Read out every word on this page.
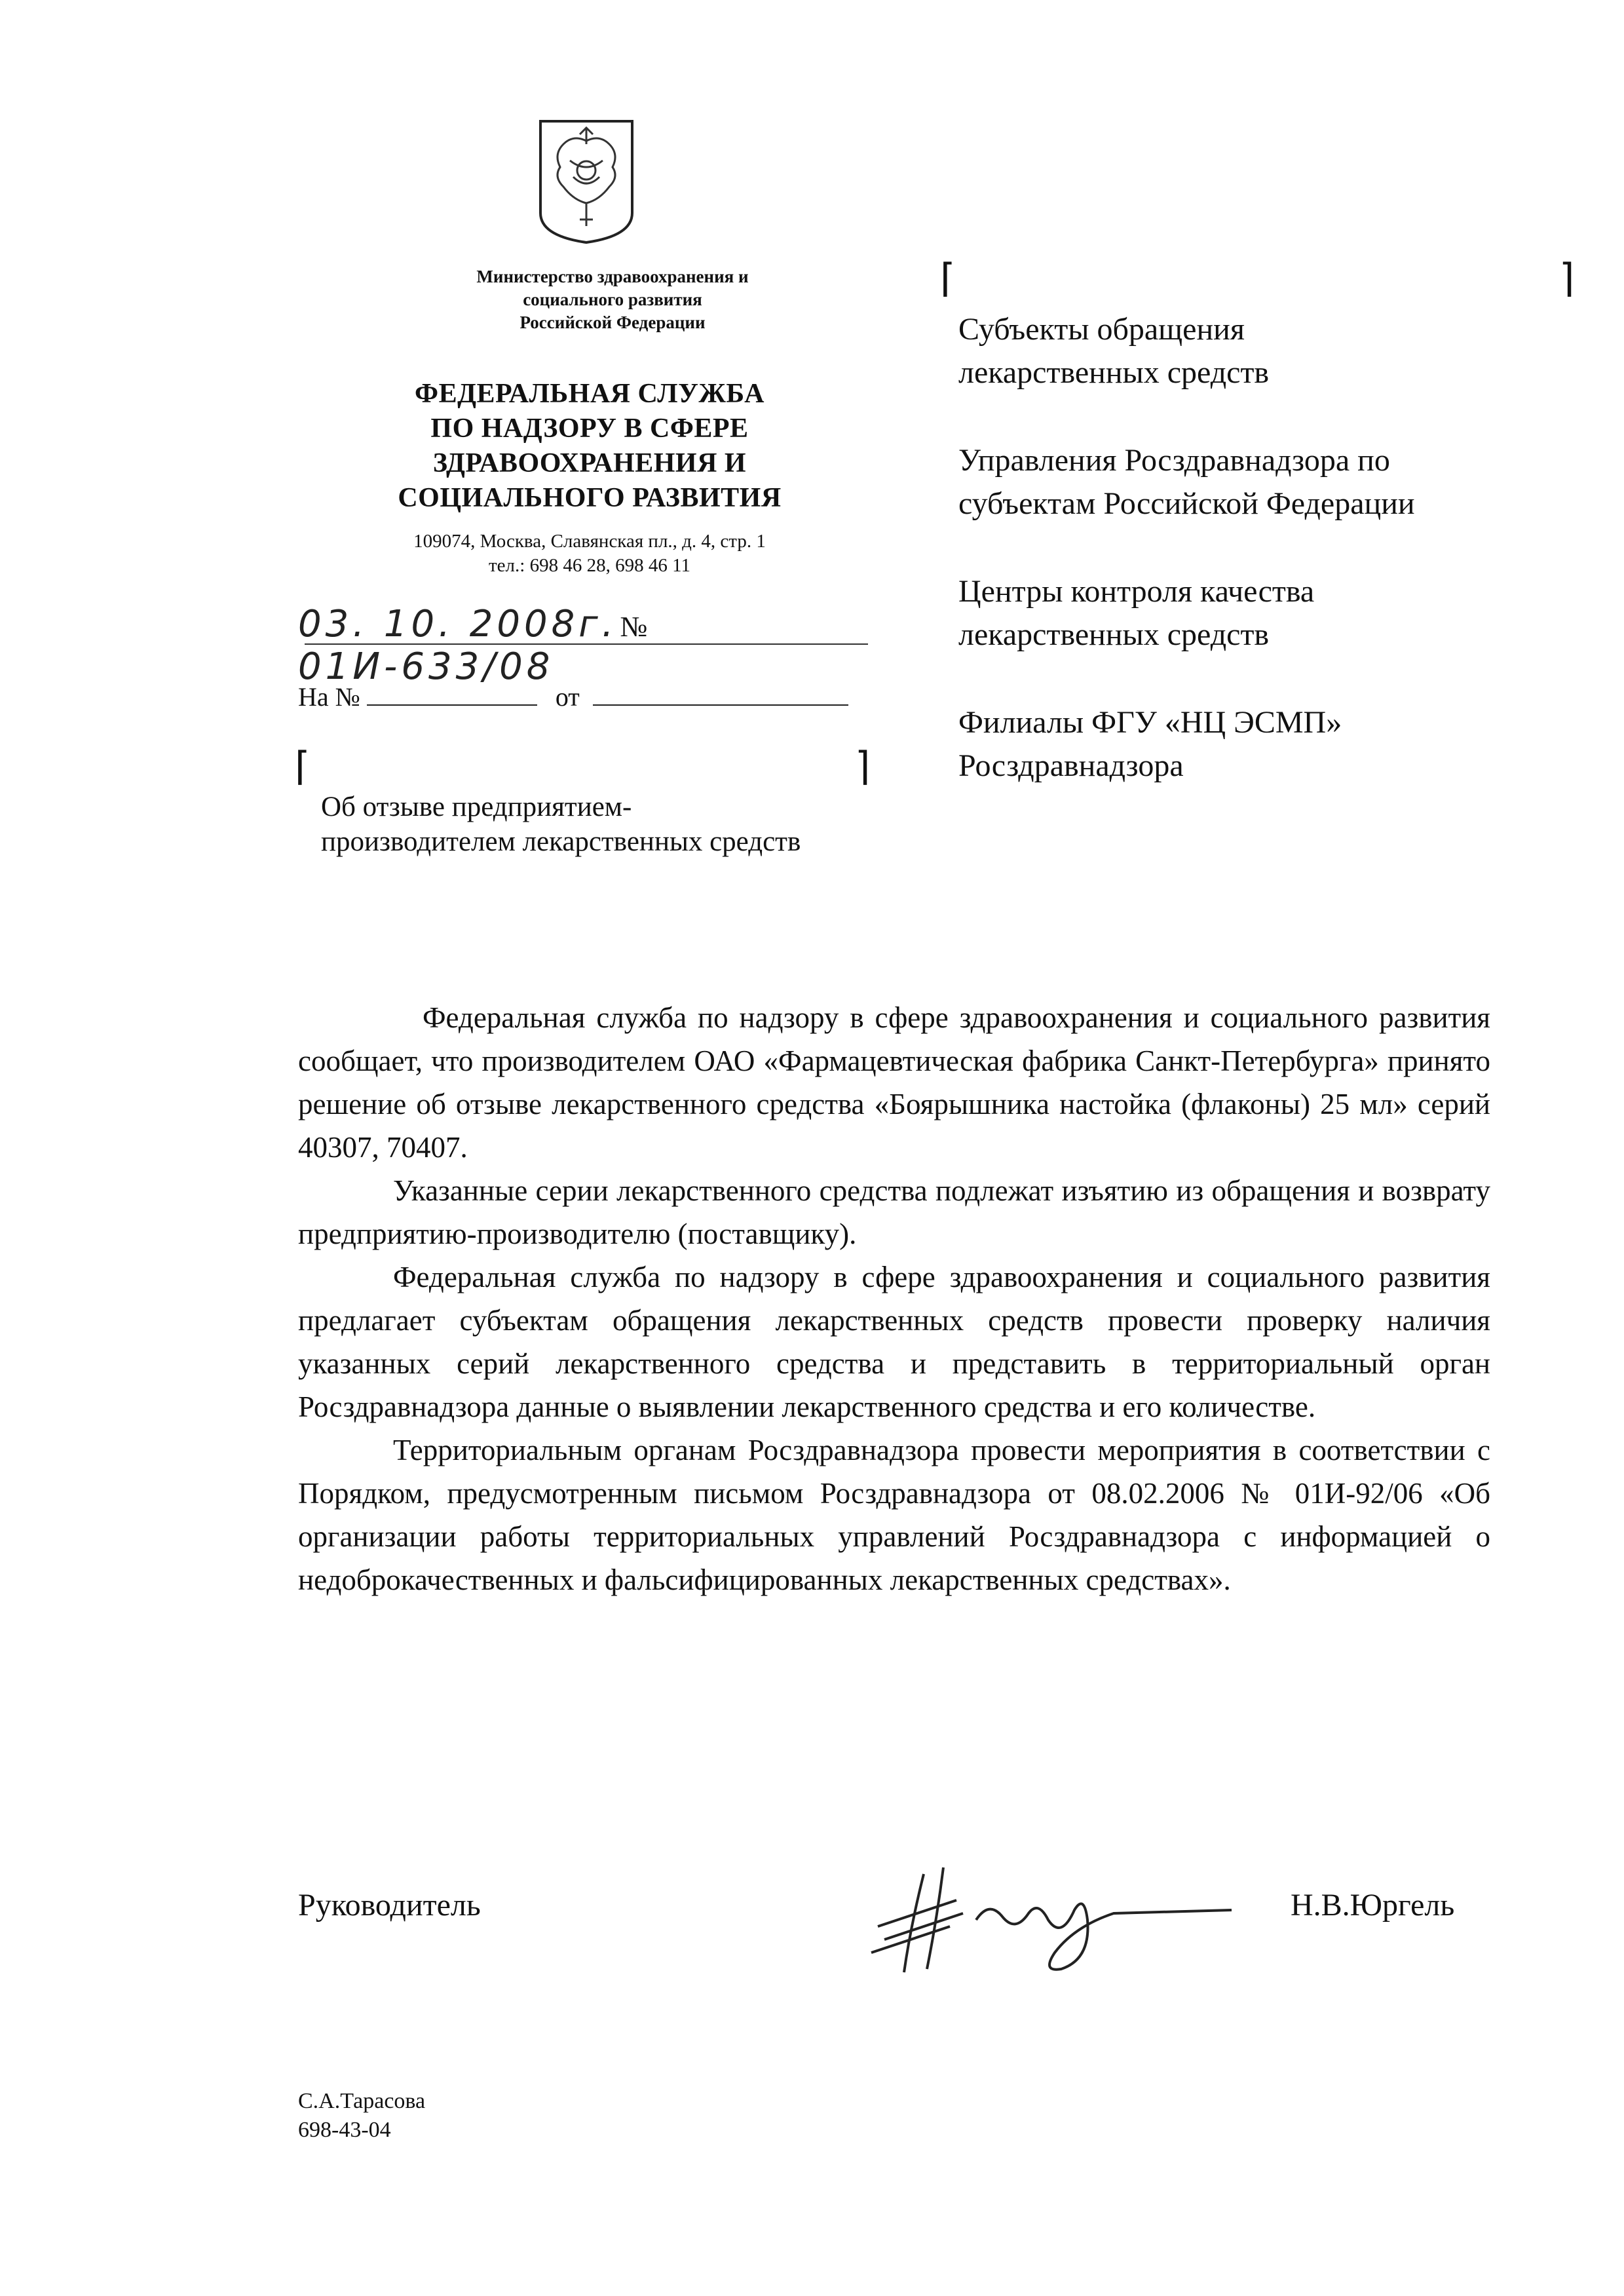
Министерство здравоохранения и
социального развития
Российской Федерации
ФЕДЕРАЛЬНАЯ СЛУЖБА
ПО НАДЗОРУ В СФЕРЕ
ЗДРАВООХРАНЕНИЯ И
СОЦИАЛЬНОГО РАЗВИТИЯ
109074, Москва, Славянская пл., д. 4, стр. 1
тел.: 698 46 28, 698 46 11
03. 10. 2008г. № 01И-633/08
На №	от
⌈	⌉
Об отзыве предприятием-
производителем лекарственных средств
⌈	⌉
Субъекты обращения
лекарственных средств
Управления Росздравнадзора по
субъектам Российской Федерации
Центры контроля качества
лекарственных средств
Филиалы ФГУ «НЦ ЭСМП»
Росздравнадзора

Федеральная служба по надзору в сфере здравоохранения и социального развития сообщает, что производителем ОАО «Фармацевтическая фабрика Санкт-Петербурга» принято решение об отзыве лекарственного средства «Боярышника настойка (флаконы) 25 мл» серий 40307, 70407.

Указанные серии лекарственного средства подлежат изъятию из обращения и возврату предприятию-производителю (поставщику).

Федеральная служба по надзору в сфере здравоохранения и социального развития предлагает субъектам обращения лекарственных средств провести проверку наличия указанных серий лекарственного средства и представить в территориальный орган Росздравнадзора данные о выявлении лекарственного средства и его количестве.

Территориальным органам Росздравнадзора провести мероприятия в соответствии с Порядком, предусмотренным письмом Росздравнадзора от 08.02.2006 № 01И-92/06 «Об организации работы территориальных управлений Росздравнадзора с информацией о недоброкачественных и фальсифицированных лекарственных средствах».

Руководитель	Н.В.Юргель
С.А.Тарасова
698-43-04
